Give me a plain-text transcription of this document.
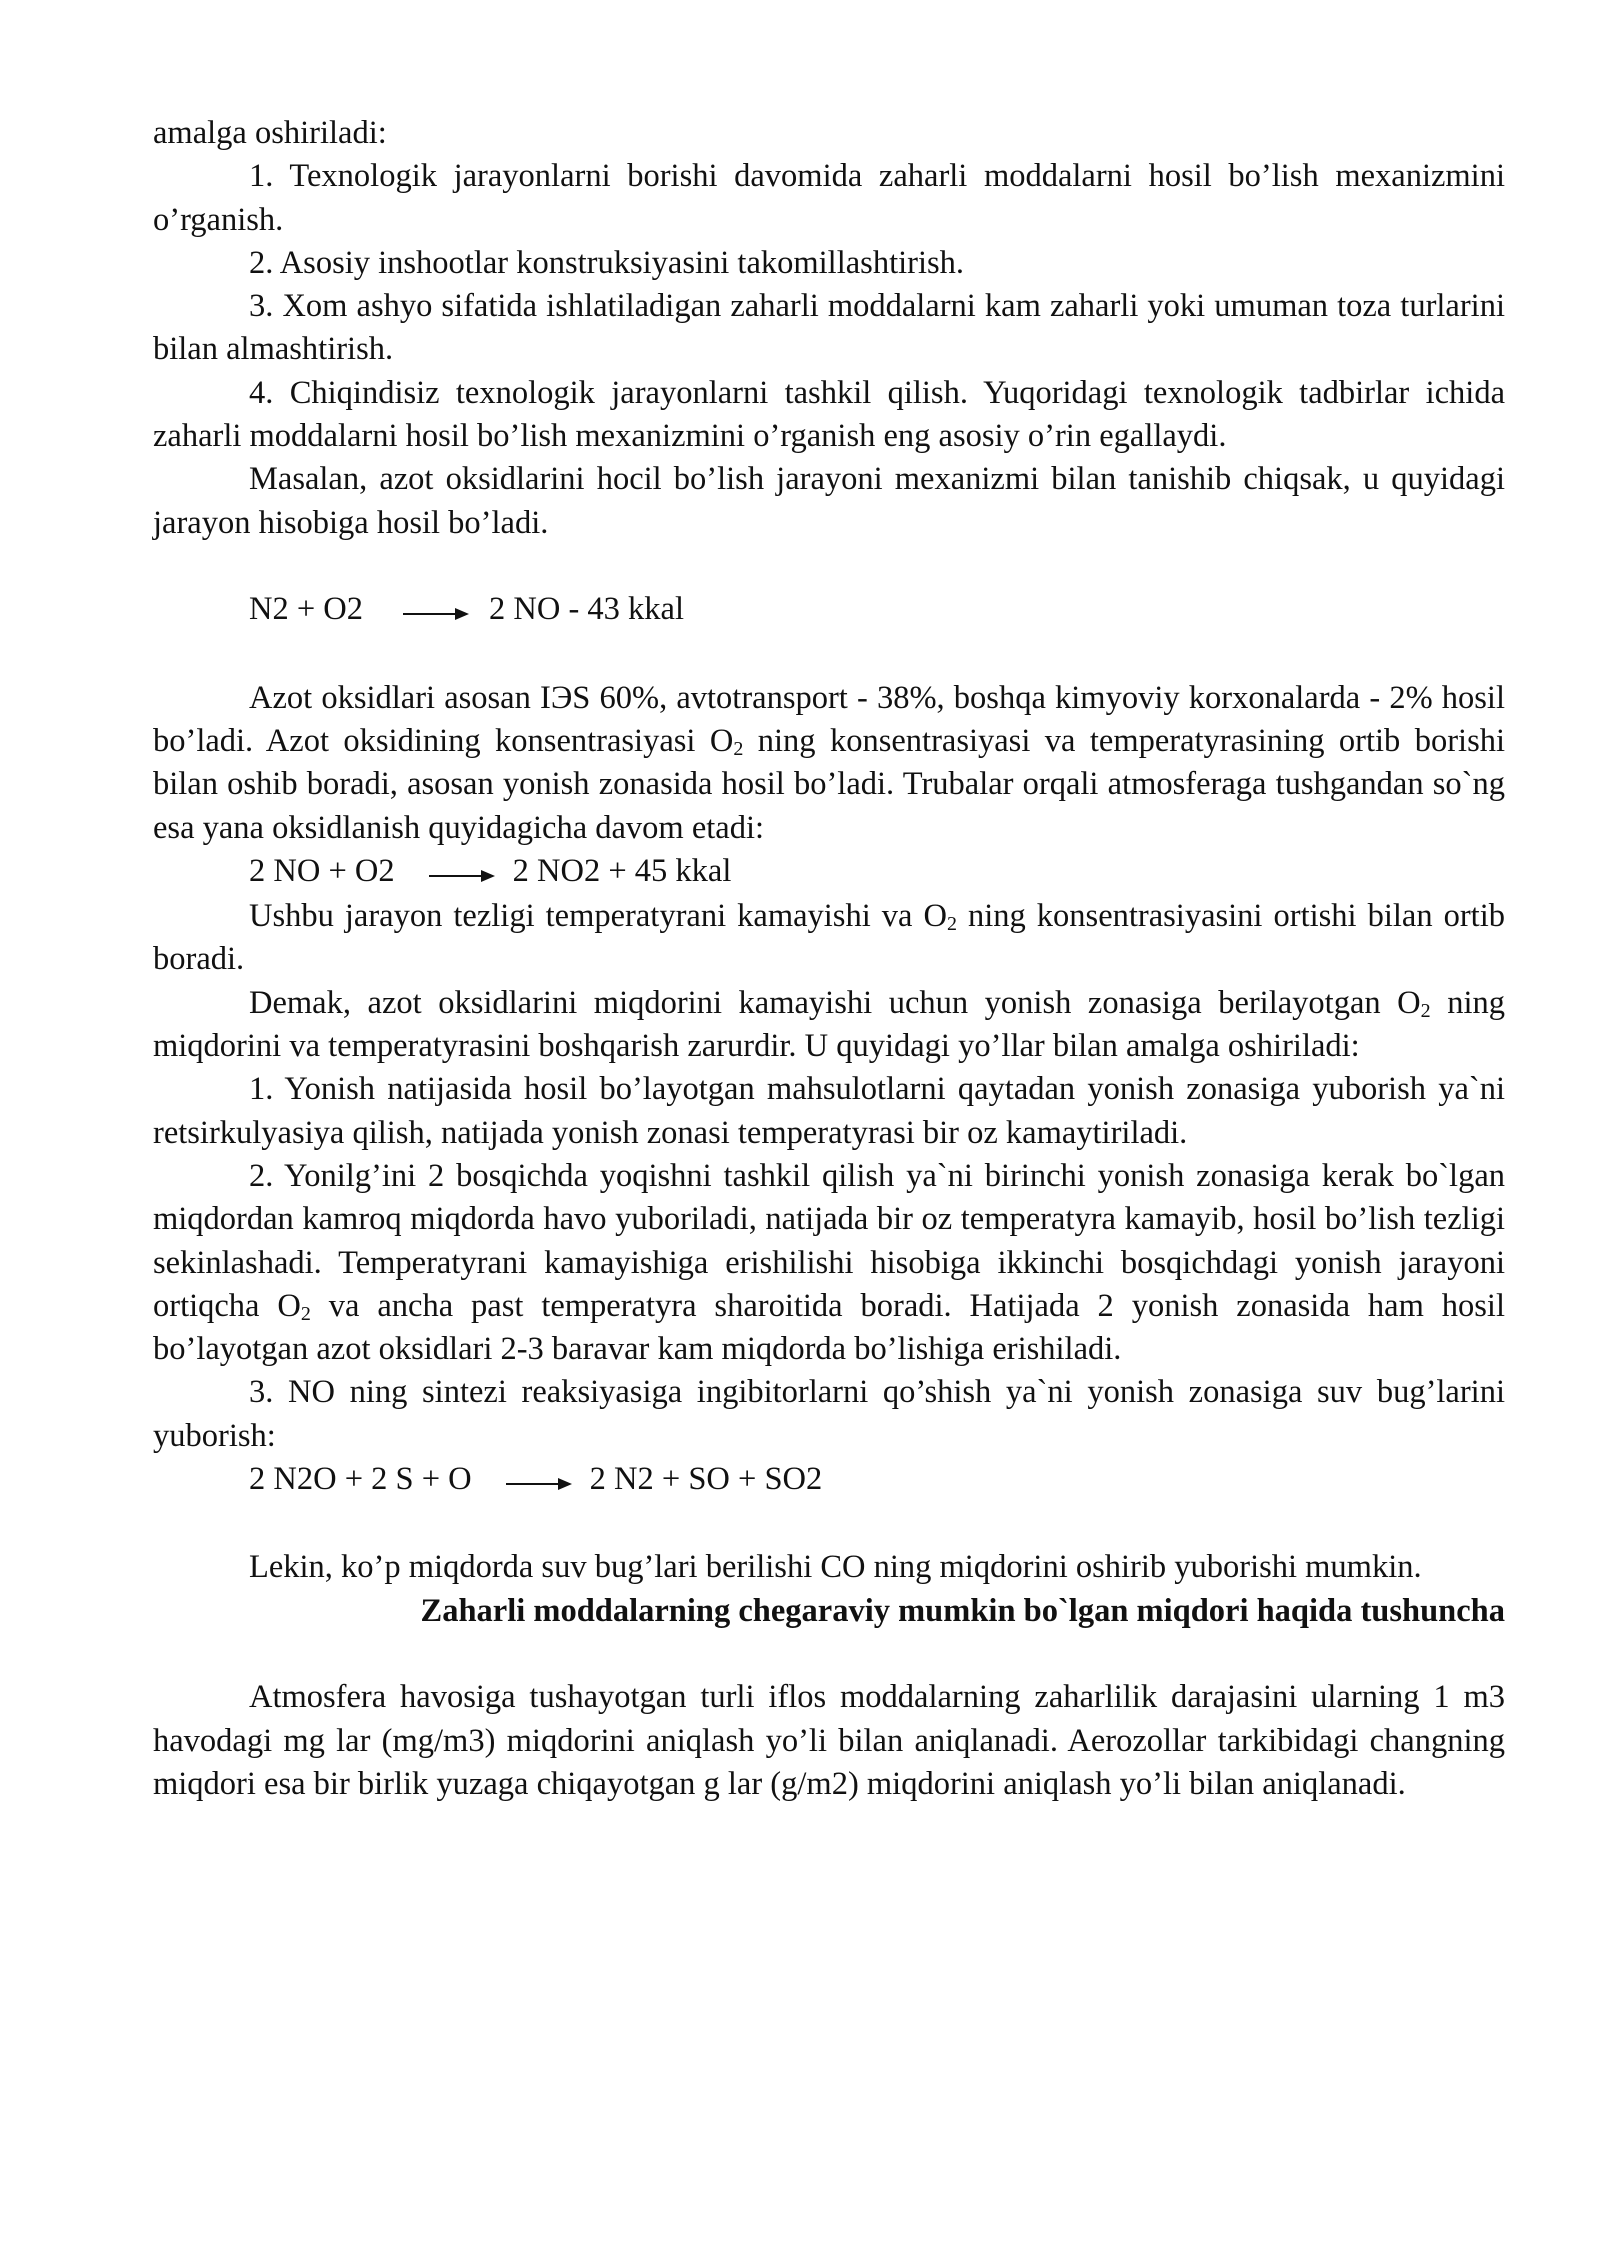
amalga oshiriladi:

1. Texnologik jarayonlarni borishi davomida zaharli moddalarni hosil bo’lish mexanizmini o’rganish.

2. Asosiy inshootlar konstruksiyasini takomillashtirish.

3. Xom ashyo sifatida ishlatiladigan zaharli moddalarni kam zaharli yoki umuman toza turlarini bilan almashtirish.

4. Chiqindisiz texnologik jarayonlarni tashkil qilish. Yuqoridagi texnologik tadbirlar ichida zaharli moddalarni hosil bo’lish mexanizmini o’rganish eng asosiy o’rin egallaydi.

Masalan, azot oksidlarini hocil bo’lish jarayoni mexanizmi bilan tanishib chiqsak, u quyidagi jarayon hisobiga hosil bo’ladi.

N2 + O2 → 2 NO - 43 kkal

Azot oksidlari asosan IЭS 60%, avtotransport - 38%, boshqa kimyoviy korxonalarda - 2% hosil bo’ladi. Azot oksidining konsentrasiyasi $O_2$ ning konsentrasiyasi va temperatyrasining ortib borishi bilan oshib boradi, asosan yonish zonasida hosil bo’ladi. Trubalar orqali atmosferaga tushgandan so`ng esa yana oksidlanish quyidagicha davom etadi:

2 NO + O2 → 2 NO2 + 45 kkal

Ushbu jarayon tezligi temperatyrani kamayishi va $O_2$ ning konsentrasiyasini ortishi bilan ortib boradi.

Demak, azot oksidlarini miqdorini kamayishi uchun yonish zonasiga berilayotgan $O_2$ ning miqdorini va temperatyrasini boshqarish zarurdir. U quyidagi yo’llar bilan amalga oshiriladi:

1. Yonish natijasida hosil bo’layotgan mahsulotlarni qaytadan yonish zonasiga yuborish ya`ni retsirkulyasiya qilish, natijada yonish zonasi temperatyrasi bir oz kamaytiriladi.

2. Yonilg’ini 2 bosqichda yoqishni tashkil qilish ya`ni birinchi yonish zonasiga kerak bo`lgan miqdordan kamroq miqdorda havo yuboriladi, natijada bir oz temperatyra kamayib, hosil bo’lish tezligi sekinlashadi. Temperatyrani kamayishiga erishilishi hisobiga ikkinchi bosqichdagi yonish jarayoni ortiqcha $O_2$ va ancha past temperatyra sharoitida boradi. Hatijada 2 yonish zonasida ham hosil bo’layotgan azot oksidlari 2-3 baravar kam miqdorda bo’lishiga erishiladi.

3. NO ning sintezi reaksiyasiga ingibitorlarni qo’shish ya`ni yonish zonasiga suv bug’larini yuborish:

2 N2O + 2 S + O → 2 N2 + SO + SO2

Lekin, ko’p miqdorda suv bug’lari berilishi CO ning miqdorini oshirib yuborishi mumkin.

Zaharli moddalarning chegaraviy mumkin bo`lgan miqdori haqida tushuncha

Atmosfera havosiga tushayotgan turli iflos moddalarning zaharlilik darajasini ularning 1 m3 havodagi mg lar (mg/m3) miqdorini aniqlash yo’li bilan aniqlanadi. Aerozollar tarkibidagi changning miqdori esa bir birlik yuzaga chiqayotgan g lar (g/m2) miqdorini aniqlash yo’li bilan aniqlanadi.
